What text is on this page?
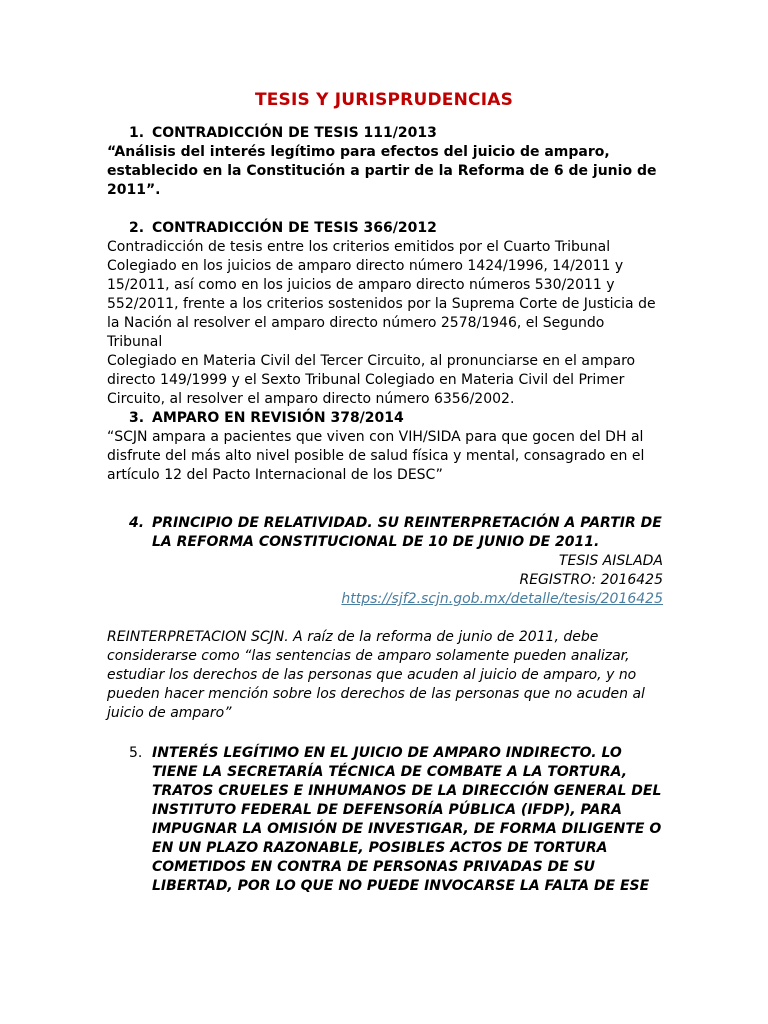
TESIS Y JURISPRUDENCIAS
1. CONTRADICCIÓN DE TESIS 111/2013
“Análisis del interés legítimo para efectos del juicio de amparo,
establecido en la Constitución a partir de la Reforma de 6 de junio de
2011”.
2. CONTRADICCIÓN DE TESIS 366/2012
Contradicción de tesis entre los criterios emitidos por el Cuarto Tribunal
Colegiado en los juicios de amparo directo número 1424/1996, 14/2011 y
15/2011, así como en los juicios de amparo directo números 530/2011 y
552/2011, frente a los criterios sostenidos por la Suprema Corte de Justicia de
la Nación al resolver el amparo directo número 2578/1946, el Segundo Tribunal
Colegiado en Materia Civil del Tercer Circuito, al pronunciarse en el amparo
directo 149/1999 y el Sexto Tribunal Colegiado en Materia Civil del Primer
Circuito, al resolver el amparo directo número 6356/2002.
3. AMPARO EN REVISIÓN 378/2014
“SCJN ampara a pacientes que viven con VIH/SIDA para que gocen del DH al
disfrute del más alto nivel posible de salud física y mental, consagrado en el
artículo 12 del Pacto Internacional de los DESC”
4. PRINCIPIO DE RELATIVIDAD. SU REINTERPRETACIÓN A PARTIR DE
LA REFORMA CONSTITUCIONAL DE 10 DE JUNIO DE 2011.
TESIS AISLADA
REGISTRO: 2016425
https://sjf2.scjn.gob.mx/detalle/tesis/2016425
REINTERPRETACION SCJN. A raíz de la reforma de junio de 2011, debe
considerarse como “las sentencias de amparo solamente pueden analizar,
estudiar los derechos de las personas que acuden al juicio de amparo, y no
pueden hacer mención sobre los derechos de las personas que no acuden al
juicio de amparo”
5. INTERÉS LEGÍTIMO EN EL JUICIO DE AMPARO INDIRECTO. LO
TIENE LA SECRETARÍA TÉCNICA DE COMBATE A LA TORTURA,
TRATOS CRUELES E INHUMANOS DE LA DIRECCIÓN GENERAL DEL
INSTITUTO FEDERAL DE DEFENSORÍA PÚBLICA (IFDP), PARA
IMPUGNAR LA OMISIÓN DE INVESTIGAR, DE FORMA DILIGENTE O
EN UN PLAZO RAZONABLE, POSIBLES ACTOS DE TORTURA
COMETIDOS EN CONTRA DE PERSONAS PRIVADAS DE SU
LIBERTAD, POR LO QUE NO PUEDE INVOCARSE LA FALTA DE ESE
